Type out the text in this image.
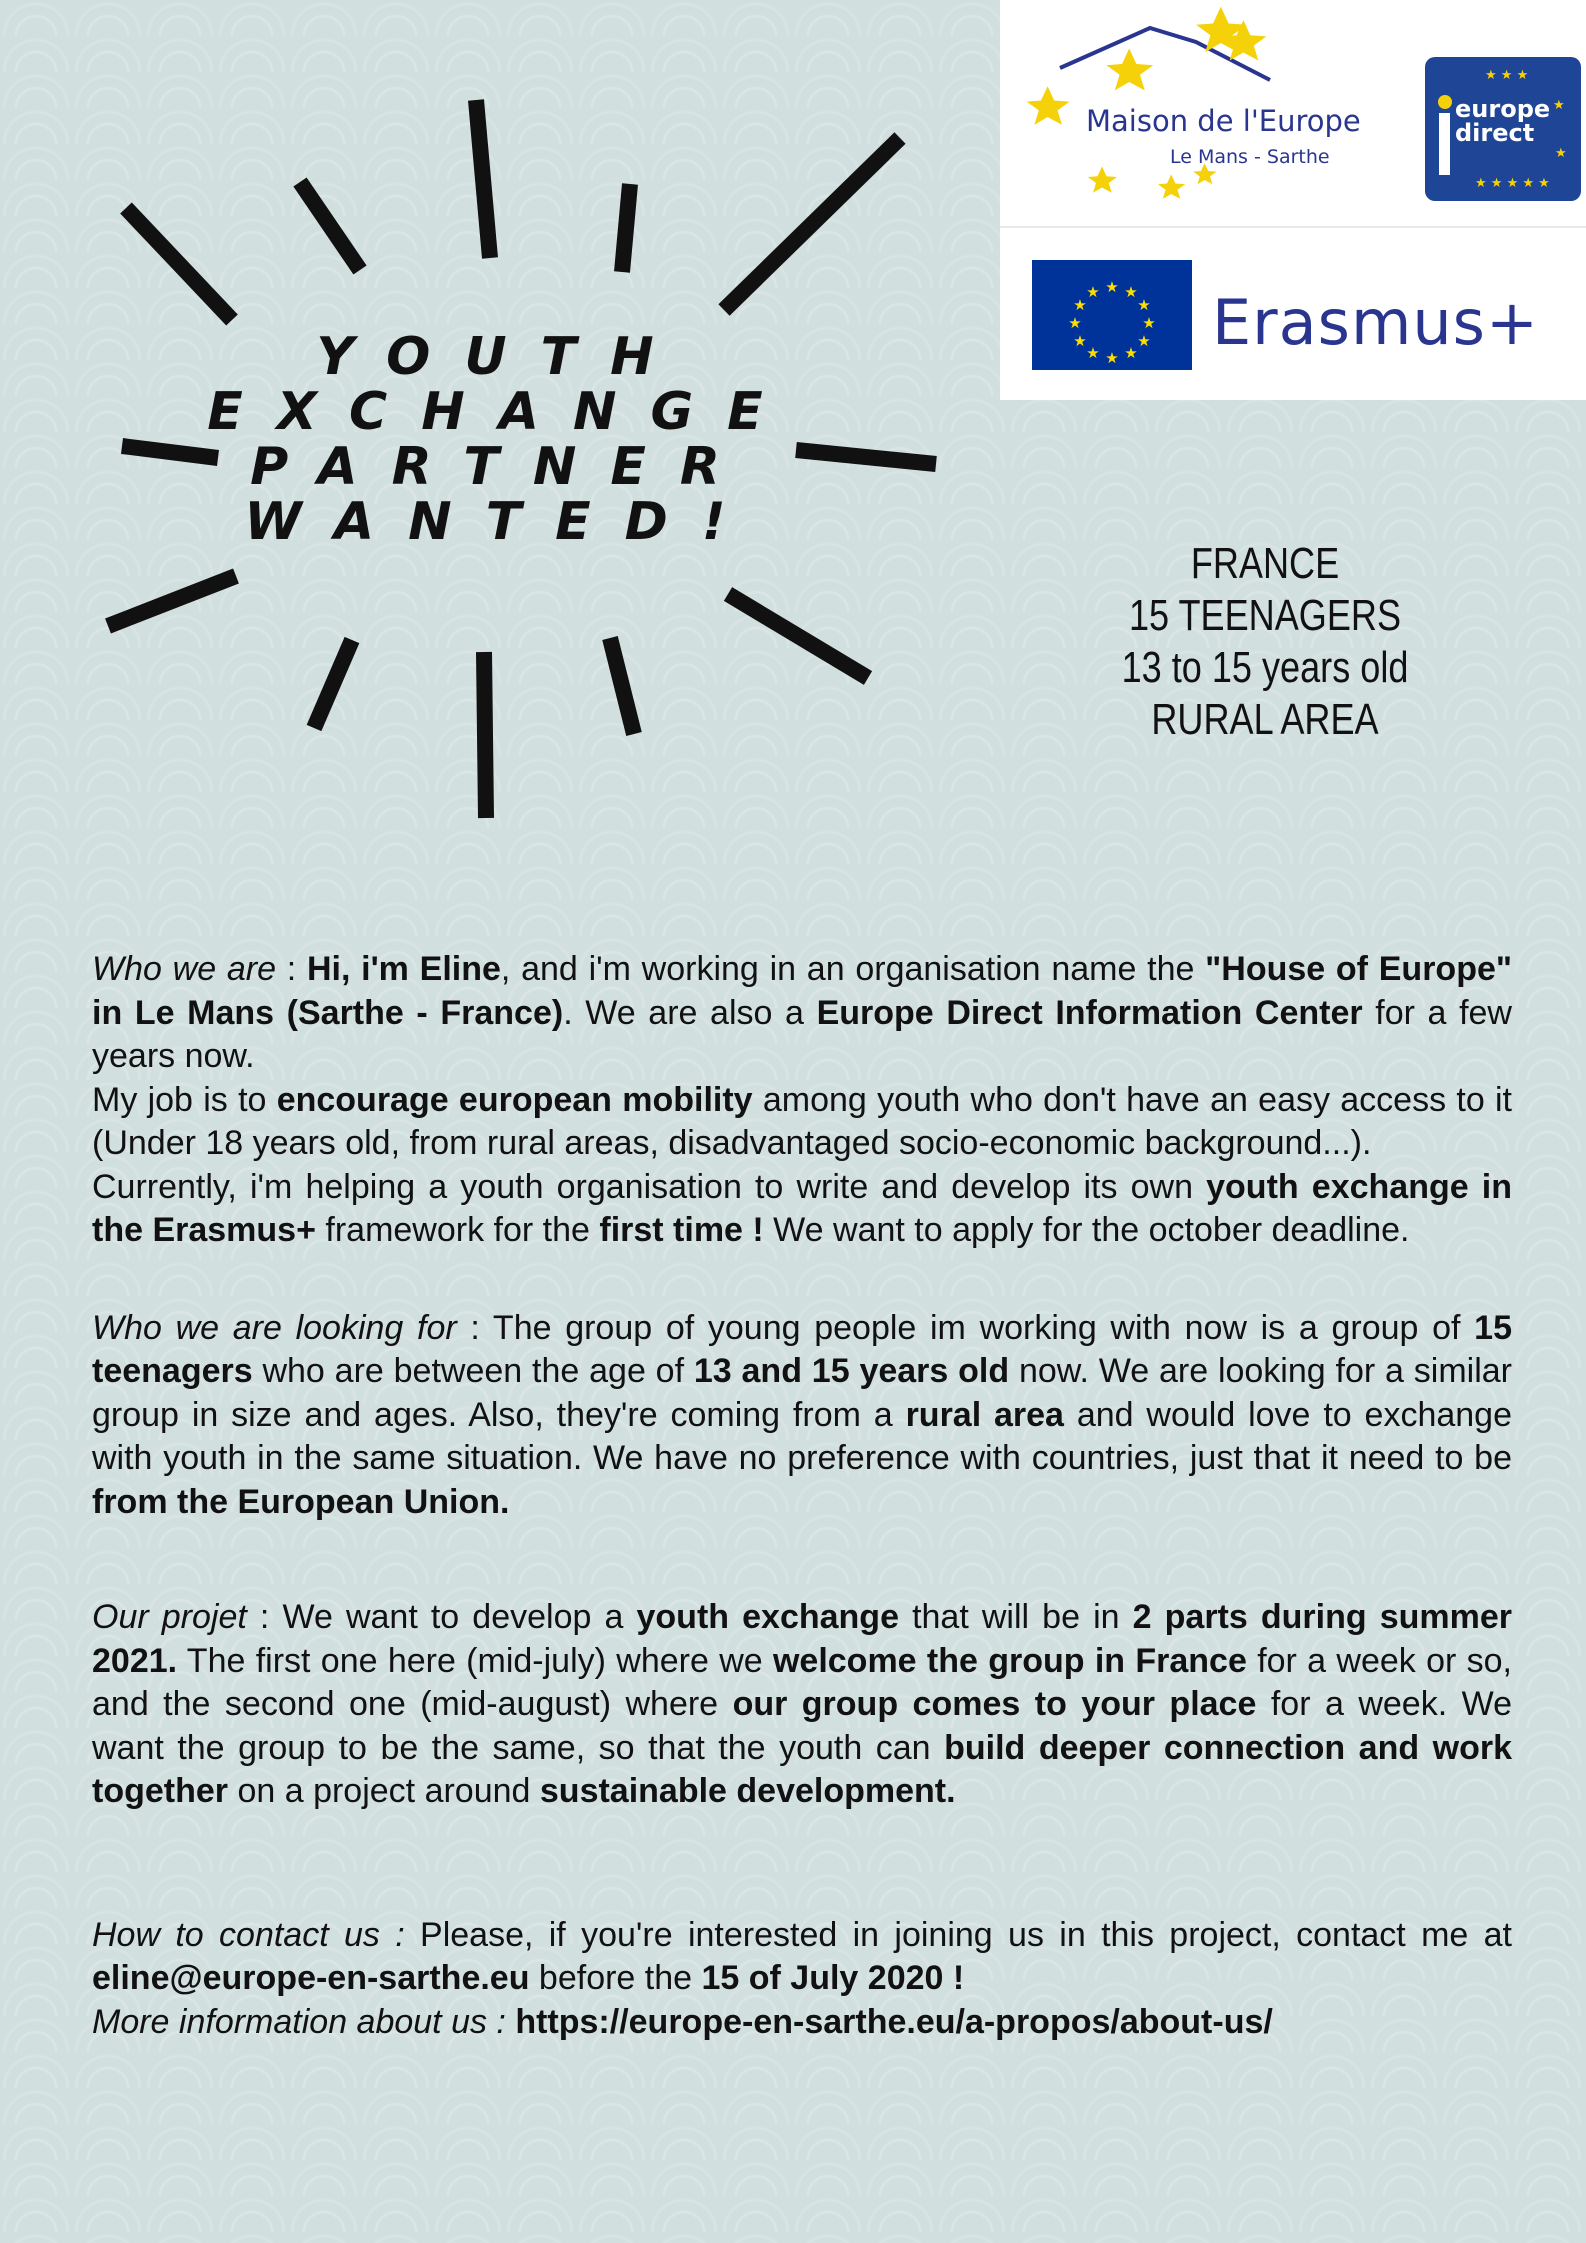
Maison de l'Europe
Le Mans - Sarthe
★ ★ ★
★ ★ ★ ★ ★
★
★
europe
direct
★ ★
★
★
★
★
★
★
★
★
★
★ Erasmus+
YOUTH
EXCHANGE
PARTNER
WANTED!
FRANCE
15 TEENAGERS
13 to 15 years old
RURAL AREA

Who we are : Hi, i'm Eline, and i'm working in an organisation name the "House of Europe" in Le Mans (Sarthe - France). We are also a Europe Direct Information Center for a few years now.

My job is to encourage european mobility among youth who don't have an easy access to it (Under 18 years old, from rural areas, disadvantaged socio-economic background...).

Currently, i'm helping a youth organisation to write and develop its own youth exchange in the Erasmus+ framework for the first time ! We want to apply for the october deadline.

Who we are looking for : The group of young people im working with now is a group of 15 teenagers who are between the age of 13 and 15 years old now. We are looking for a similar group in size and ages. Also, they're coming from a rural area and would love to exchange with youth in the same situation. We have no preference with countries, just that it need to be from the European Union.

Our projet : We want to develop a youth exchange that will be in 2 parts during summer 2021. The first one here (mid-july) where we welcome the group in France for a week or so, and the second one (mid-august) where our group comes to your place for a week. We want the group to be the same, so that the youth can build deeper connection and work together on a project around sustainable development.

How to contact us : Please, if you're interested in joining us in this project, contact me at eline@europe-en-sarthe.eu before the 15 of July 2020 !

More information about us : https://europe-en-sarthe.eu/a-propos/about-us/
